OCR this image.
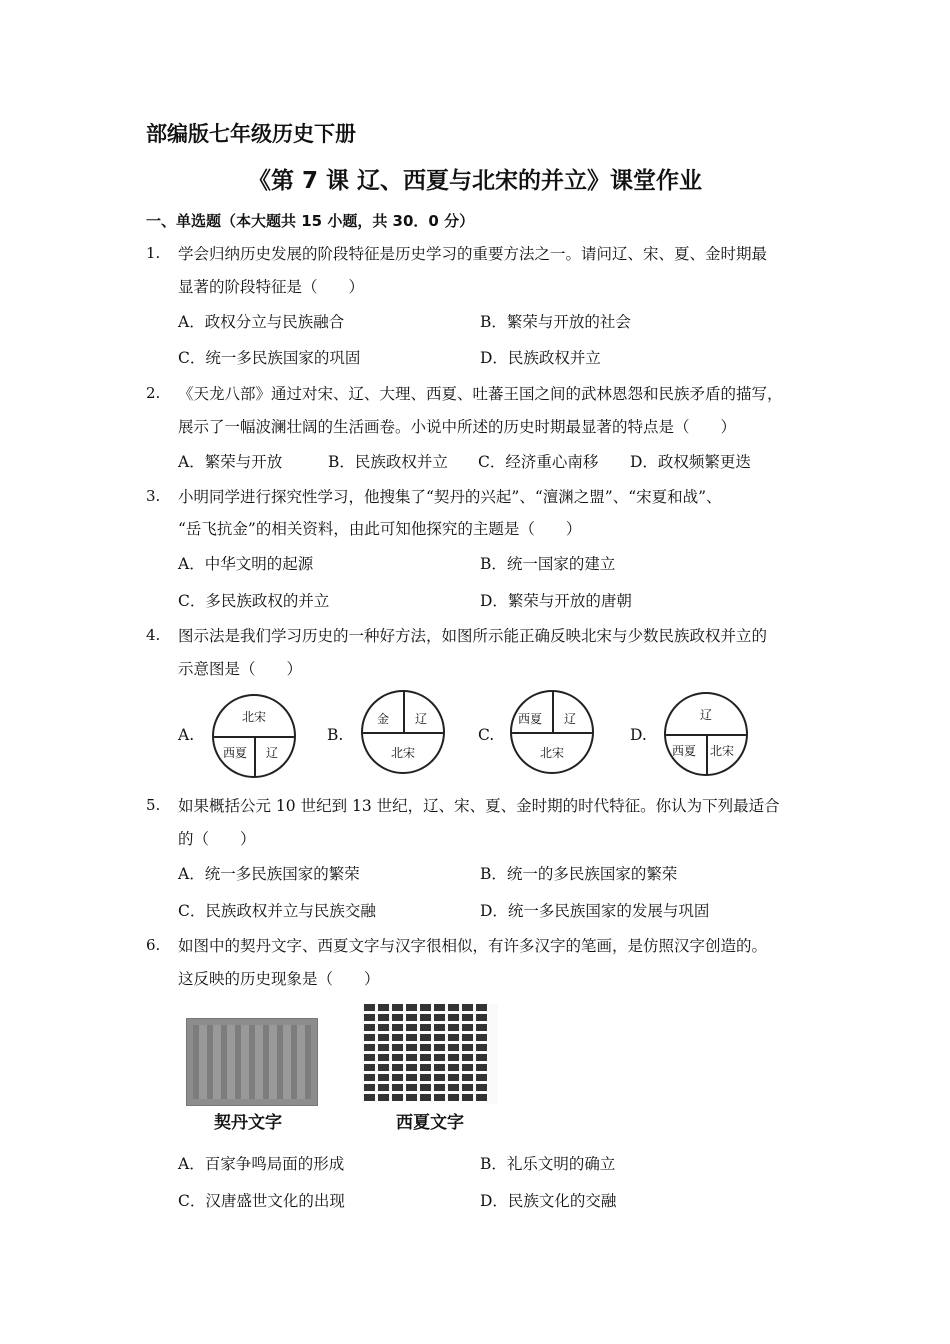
部编版七年级历史下册
《第 7 课 辽、西夏与北宋的并立》课堂作业
一、单选题（本大题共 15 小题，共 30．0 分）
1. 学会归纳历史发展的阶段特征是历史学习的重要方法之一。请问辽、宋、夏、金时期最
显著的阶段特征是（　　）
A．政权分立与民族融合	B．繁荣与开放的社会
C．统一多民族国家的巩固	D．民族政权并立
2. 《天龙八部》通过对宋、辽、大理、西夏、吐蕃王国之间的武林恩怨和民族矛盾的描写，
展示了一幅波澜壮阔的生活画卷。小说中所述的历史时期最显著的特点是（　　）
A．繁荣与开放	B．民族政权并立 C．经济重心南移 D．政权频繁更迭
3. 小明同学进行探究性学习，他搜集了“契丹的兴起”、“澶渊之盟”、“宋夏和战”、
“岳飞抗金”的相关资料，由此可知他探究的主题是（　　）
A．中华文明的起源	B．统一国家的建立
C．多民族政权的并立	D．繁荣与开放的唐朝
4. 图示法是我们学习历史的一种好方法，如图所示能正确反映北宋与少数民族政权并立的
示意图是（　　）
A.
北宋
西夏 辽
B.
金 辽
北宋
C.
西夏 辽
北宋
D.
辽
西夏 北宋
5. 如果概括公元 10 世纪到 13 世纪，辽、宋、夏、金时期的时代特征。你认为下列最适合
的（　　）
A．统一多民族国家的繁荣	B．统一的多民族国家的繁荣
C．民族政权并立与民族交融	D．统一多民族国家的发展与巩固
6. 如图中的契丹文字、西夏文字与汉字很相似，有许多汉字的笔画，是仿照汉字创造的。
这反映的历史现象是（　　）
契丹文字	西夏文字
A．百家争鸣局面的形成	B．礼乐文明的确立
C．汉唐盛世文化的出现	D．民族文化的交融
